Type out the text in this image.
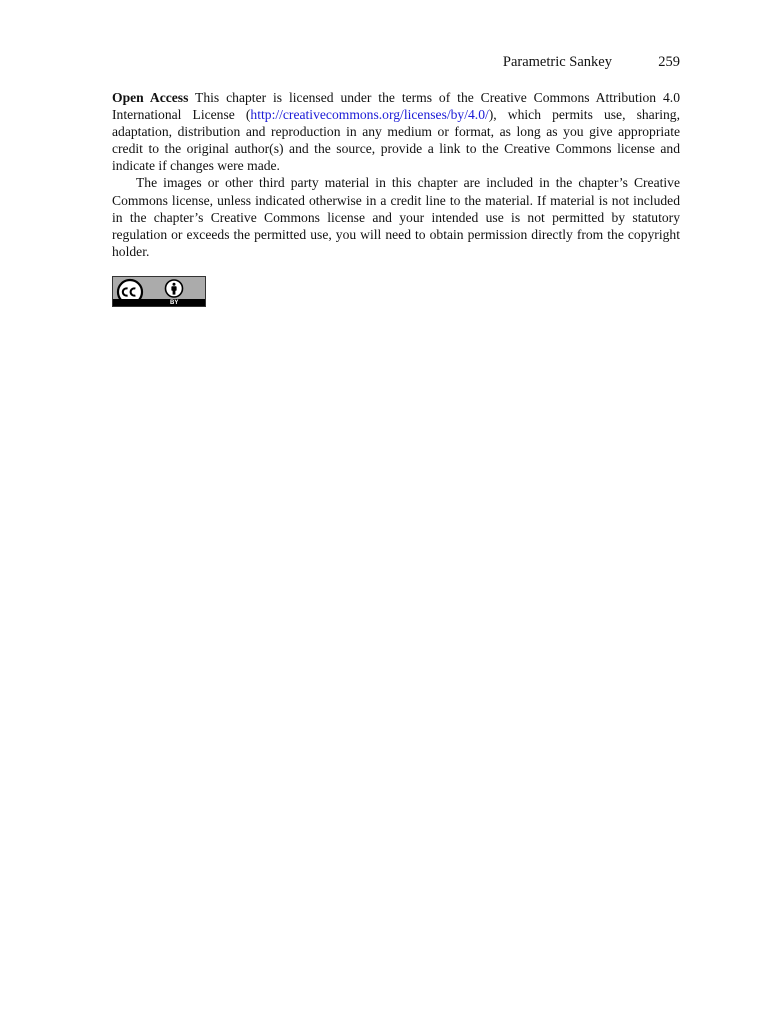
Parametric Sankey	259

Open Access This chapter is licensed under the terms of the Creative Commons Attribution 4.0 International License (http://creativecommons.org/licenses/by/4.0/), which permits use, sharing, adaptation, distribution and reproduction in any medium or format, as long as you give appropriate credit to the original author(s) and the source, provide a link to the Creative Commons license and indicate if changes were made.

The images or other third party material in this chapter are included in the chapter’s Creative Commons license, unless indicated otherwise in a credit line to the material. If material is not included in the chapter’s Creative Commons license and your intended use is not permitted by statutory regulation or exceeds the permitted use, you will need to obtain permission directly from the copyright holder.

BY
